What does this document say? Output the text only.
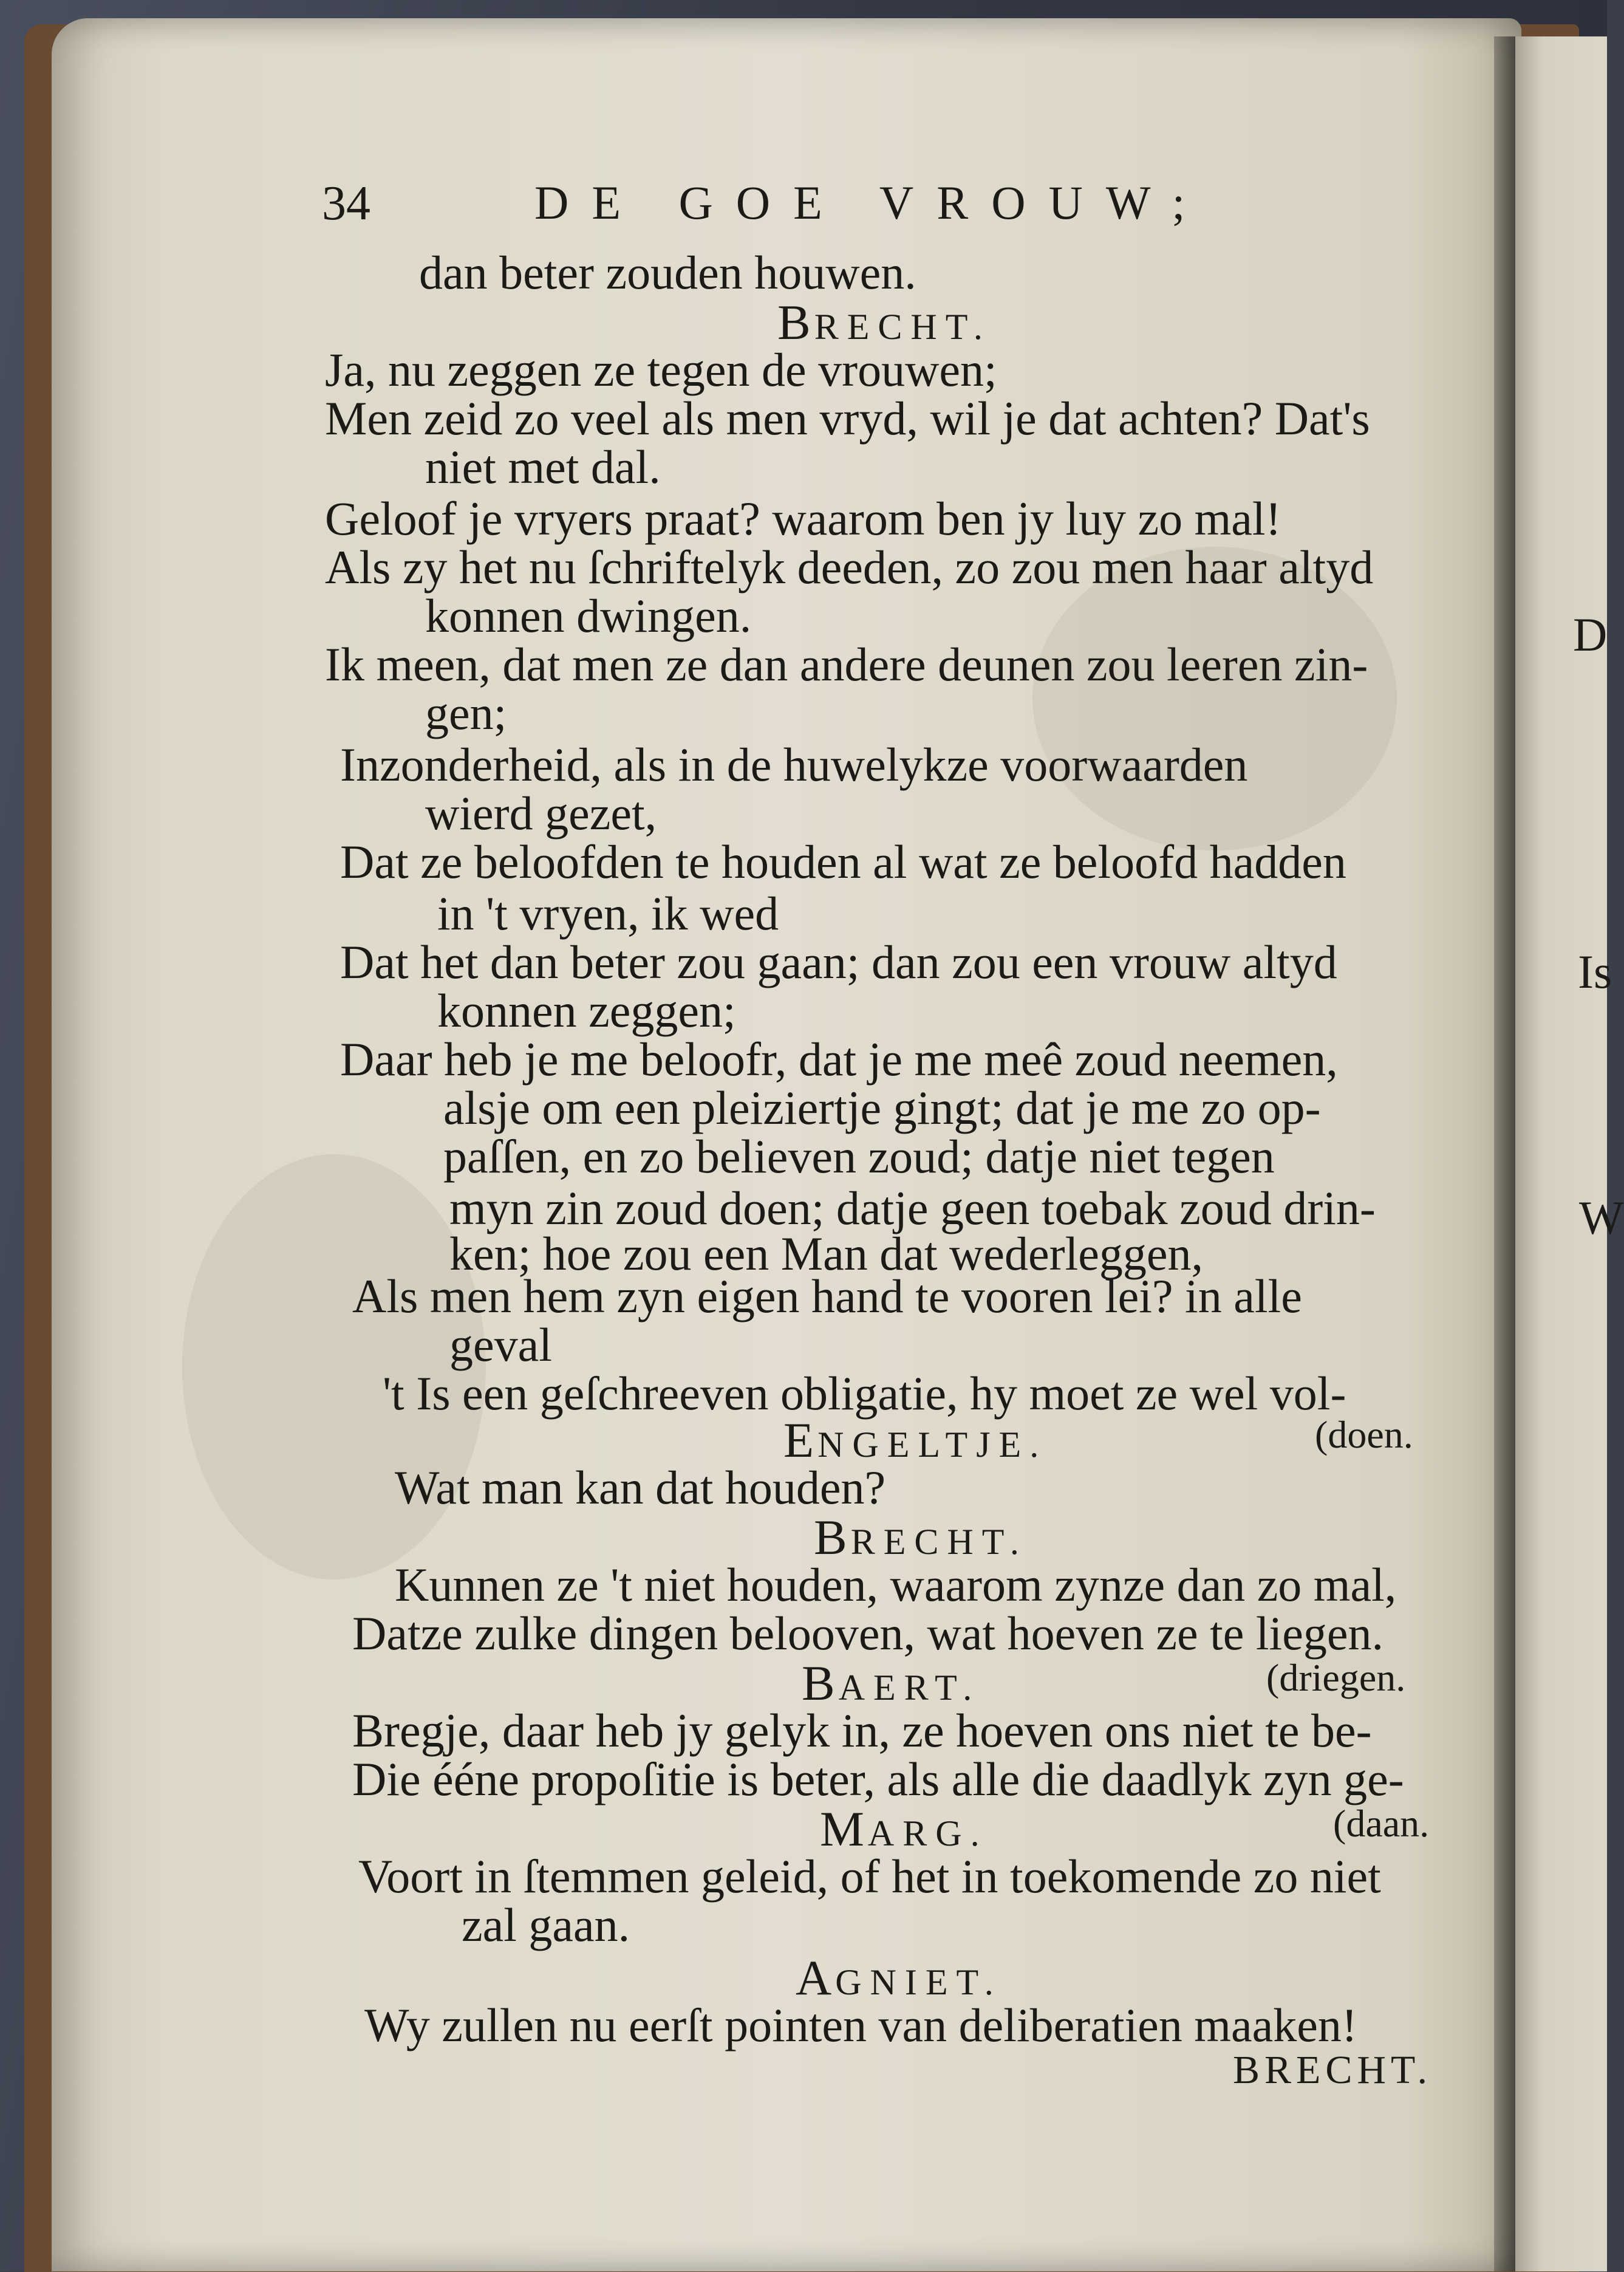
D
Is
W
34	DE GOE VROUW;
dan beter zouden houwen.
BRECHT.
Ja, nu zeggen ze tegen de vrouwen;
Men zeid zo veel als men vryd, wil je dat achten? Dat's
niet met dal.
Geloof je vryers praat? waarom ben jy luy zo mal!
Als zy het nu ſchriftelyk deeden, zo zou men haar altyd
konnen dwingen.
Ik meen, dat men ze dan andere deunen zou leeren zin-
gen;
Inzonderheid, als in de huwelykze voorwaarden
wierd gezet,
Dat ze beloofden te houden al wat ze beloofd hadden
in 't vryen, ik wed
Dat het dan beter zou gaan; dan zou een vrouw altyd
konnen zeggen;
Daar heb je me beloofr, dat je me meê zoud neemen,
alsje om een pleiziertje gingt; dat je me zo op-
paſſen, en zo believen zoud; datje niet tegen
myn zin zoud doen; datje geen toebak zoud drin-
ken; hoe zou een Man dat wederleggen,
Als men hem zyn eigen hand te vooren lei? in alle
geval
't Is een geſchreeven obligatie, hy moet ze wel vol-
ENGELTJE.	(doen.
Wat man kan dat houden?
BRECHT.
Kunnen ze 't niet houden, waarom zynze dan zo mal,
Datze zulke dingen belooven, wat hoeven ze te liegen.
BAERT.	(driegen.
Bregje, daar heb jy gelyk in, ze hoeven ons niet te be-
Die ééne propoſitie is beter, als alle die daadlyk zyn ge-
MARG.	(daan.
Voort in ſtemmen geleid, of het in toekomende zo niet
zal gaan.
AGNIET.
Wy zullen nu eerſt pointen van deliberatien maaken!
BRECHT.
